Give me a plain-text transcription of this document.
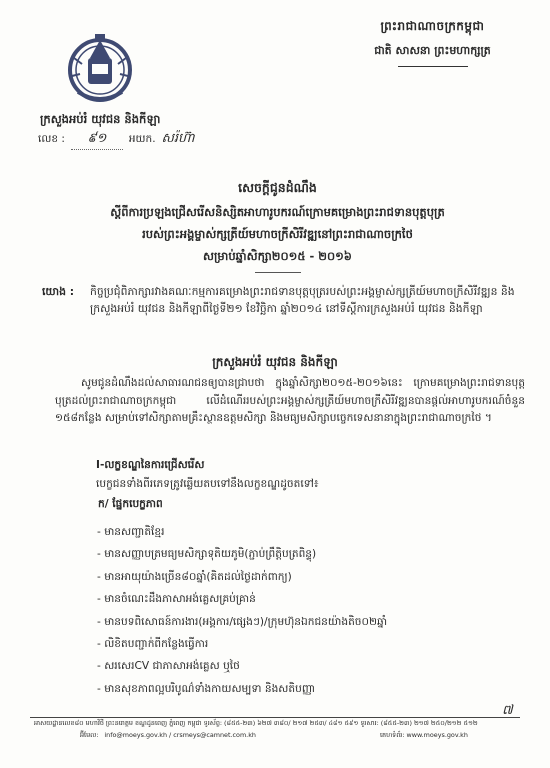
ព្រះរាជាណាចក្រកម្ពុជា
ជាតិ សាសនា ព្រះមហាក្សត្រ
ក្រសួងអប់រំ យុវជន និងកីឡា
លេខ :	៩១	អយក. សរ៉ហ៊ា
សេចក្តីជូនដំណឹង
ស្តីពីការប្រឡងជ្រើសរើសនិស្សិតអាហារូបករណ៍ក្រោមគម្រោងព្រះរាជទានបុត្តបុត្រ
របស់ព្រះអង្គម្ចាស់ក្សត្រីយ៍មហាចក្រីសិរីវឌ្ឍនៅព្រះរាជាណាចក្រថៃ
សម្រាប់ឆ្នាំសិក្សា២០១៥ - ២០១៦
យោង :	កិច្ចប្រជុំពិភាក្សារវាងគណៈកម្មការគម្រោងព្រះរាជទានបុត្តបុត្ររបស់ព្រះអង្គម្ចាស់ក្សត្រីយ៍មហាចក្រីសិរីវឌ្ឍន និងក្រសួងអប់រំ យុវជន និងកីឡាពីថ្ងៃទី២១ ខែវិច្ឆិកា ឆ្នាំ២០១៤ នៅទីស្តីការក្រសួងអប់រំ យុវជន និងកីឡា
ក្រសួងអប់រំ យុវជន និងកីឡា
សូមជូនដំណឹងដល់សាធារណជនឲ្យបានជ្រាបថា ក្នុងឆ្នាំសិក្សា២០១៥-២០១៦នេះ ក្រោមគម្រោងព្រះរាជទានបុត្តបុត្រដល់ព្រះរាជាណាចក្រកម្ពុជា លើដំណើររបស់ព្រះអង្គម្ចាស់ក្សត្រីយ៍មហាចក្រីសិរីវឌ្ឍនបានផ្តល់អាហារូបករណ៍ចំនួន ១៥៨កន្លែង សម្រាប់ទៅសិក្សាតាមគ្រឹះស្ថានឧត្តមសិក្សា និងមធ្យមសិក្សាបច្ចេកទេសនានាក្នុងព្រះរាជាណាចក្រថៃ ។
I-លក្ខខណ្ឌនៃការជ្រើសរើស
បេក្ខជនទាំងពីរភេទត្រូវឆ្លើយតបទៅនឹងលក្ខខណ្ឌដូចតទៅ៖
ក/ ផ្នែកបេក្ខភាព
- មានសញ្ជាតិខ្មែរ
- មានសញ្ញាបត្រមធ្យមសិក្សាទុតិយភូមិ(ភ្ជាប់ព្រឹត្តិបត្រពិន្ទុ)
- មានអាយុយ៉ាងច្រើន៨០ឆ្នាំ(គិតដល់ថ្ងៃដាក់ពាក្យ)
- មានចំណេះដឹងភាសាអង់គ្លេសគ្រប់គ្រាន់
- មានបទពិសោធន៍ការងារ(អង្គការ/ផ្សេងៗ)/ក្រុមហ៊ុនឯកជនយ៉ាងតិច០២ឆ្នាំ
- លិខិតបញ្ជាក់ពីកន្លែងធ្វើការ
- សរសេរCV ជាភាសាអង់គ្លេស ឬថៃ
- មានសុខភាពល្អបរិបូណ៌ទាំងកាយសម្បទា និងសតិបញ្ញា
៧
អាសយដ្ឋានលេខ៨០ មហាវិថី ព្រះនរោត្តម ខណ្ឌដូនពេញ ភ្នំពេញ កម្ពុជា ទូរស័ព្ទ: (៨៥៥-២៣) ៦២៧ ៣៨០/ ២១៧ ២៥៣/ ៤៨១ ៥៩១ ទូរសារ: (៨៥៥-២៣) ២១៧ ២៥០/២១២ ៥១២
អ៊ីមែល: info@moeys.gov.kh / crsmeys@camnet.com.kh	គេហទំព័រ: www.moeys.gov.kh
